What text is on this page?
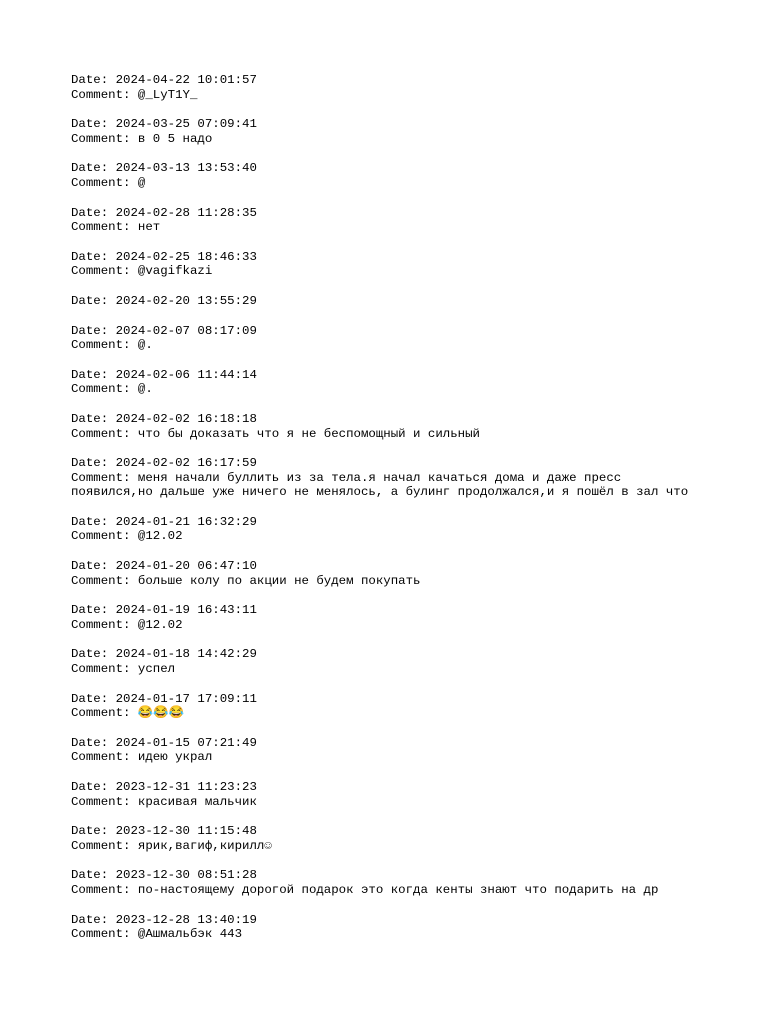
Date: 2024-04-22 10:01:57
Comment: @_LyT1Y_
Date: 2024-03-25 07:09:41
Comment: в 0 5 надо
Date: 2024-03-13 13:53:40
Comment: @
Date: 2024-02-28 11:28:35
Comment: нет
Date: 2024-02-25 18:46:33
Comment: @vagifkazi
Date: 2024-02-20 13:55:29
Date: 2024-02-07 08:17:09
Comment: @.
Date: 2024-02-06 11:44:14
Comment: @.
Date: 2024-02-02 16:18:18
Comment: что бы доказать что я не беспомощный и сильный
Date: 2024-02-02 16:17:59
Comment: меня начали буллить из за тела.я начал качаться дома и даже пресс
появился,но дальше уже ничего не менялось, а булинг продолжался,и я пошёл в зал что
Date: 2024-01-21 16:32:29
Comment: @12.02
Date: 2024-01-20 06:47:10
Comment: больше колу по акции не будем покупать
Date: 2024-01-19 16:43:11
Comment: @12.02
Date: 2024-01-18 14:42:29
Comment: успел
Date: 2024-01-17 17:09:11
Comment: 😂😂😂
Date: 2024-01-15 07:21:49
Comment: идею украл
Date: 2023-12-31 11:23:23
Comment: красивая мальчик
Date: 2023-12-30 11:15:48
Comment: ярик,вагиф,кирилл☺
Date: 2023-12-30 08:51:28
Comment: по-настоящему дорогой подарок это когда кенты знают что подарить на др
Date: 2023-12-28 13:40:19
Comment: @Ашмальбэк 443
